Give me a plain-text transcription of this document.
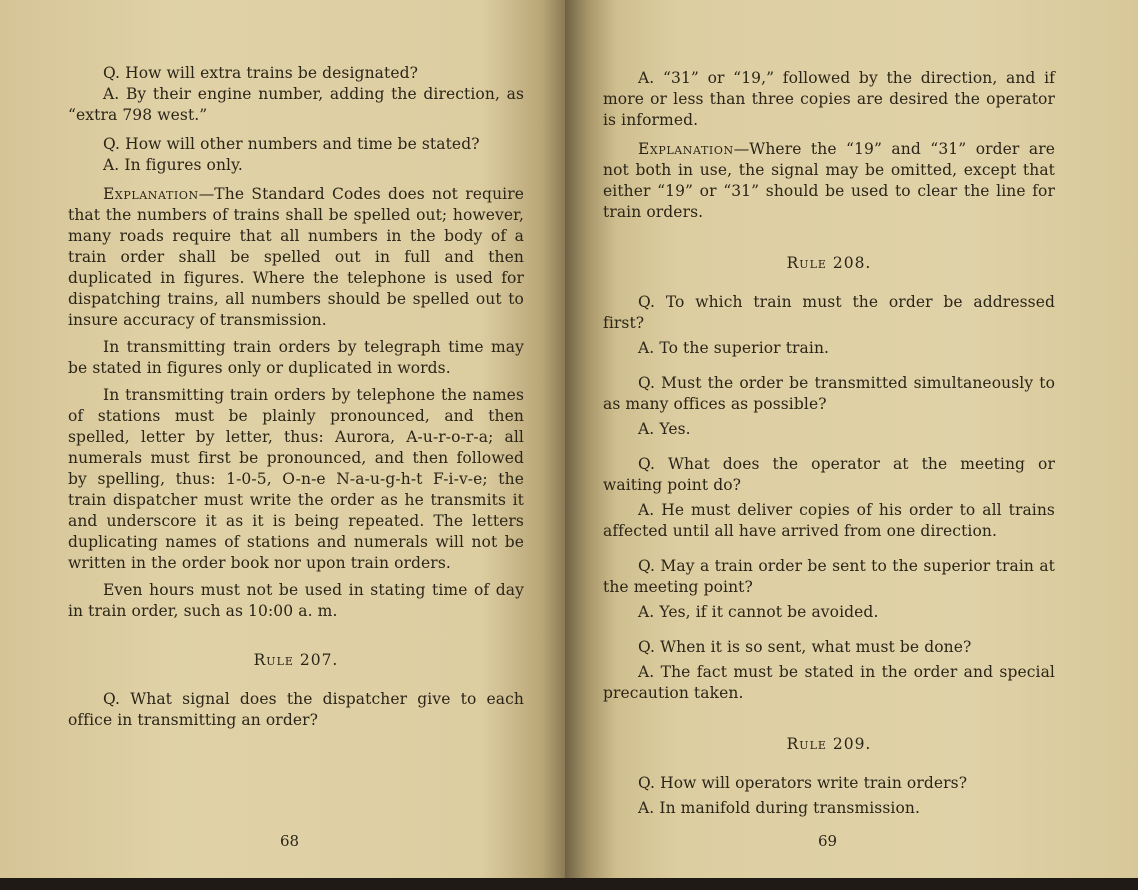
Q. How will extra trains be designated?

A. By their engine number, adding the direction, as “extra 798 west.”

Q. How will other numbers and time be stated?

A. In figures only.

Explanation—The Standard Codes does not require that the numbers of trains shall be spelled out; however, many roads require that all numbers in the body of a train order shall be spelled out in full and then duplicated in figures. Where the telephone is used for dispatching trains, all numbers should be spelled out to insure accuracy of transmission.

In transmitting train orders by telegraph time may be stated in figures only or duplicated in words.

In transmitting train orders by telephone the names of stations must be plainly pronounced, and then spelled, letter by letter, thus: Aurora, A-u-r-o-r-a; all numerals must first be pronounced, and then followed by spelling, thus: 1-0-5, O-n-e N-a-u-g-h-t F-i-v-e; the train dispatcher must write the order as he transmits it and underscore it as it is being repeated. The letters duplicating names of stations and numerals will not be written in the order book nor upon train orders.

Even hours must not be used in stating time of day in train order, such as 10:00 a. m.

Rule 207.

Q. What signal does the dispatcher give to each office in transmitting an order?

68

A. “31” or “19,” followed by the direction, and if more or less than three copies are desired the operator is informed.

Explanation—Where the “19” and “31” order are not both in use, the signal may be omitted, except that either “19” or “31” should be used to clear the line for train orders.

Rule 208.

Q. To which train must the order be addressed first?

A. To the superior train.

Q. Must the order be transmitted simultaneously to as many offices as possible?

A. Yes.

Q. What does the operator at the meeting or waiting point do?

A. He must deliver copies of his order to all trains affected until all have arrived from one direction.

Q. May a train order be sent to the superior train at the meeting point?

A. Yes, if it cannot be avoided.

Q. When it is so sent, what must be done?

A. The fact must be stated in the order and special precaution taken.

Rule 209.

Q. How will operators write train orders?

A. In manifold during transmission.

69
